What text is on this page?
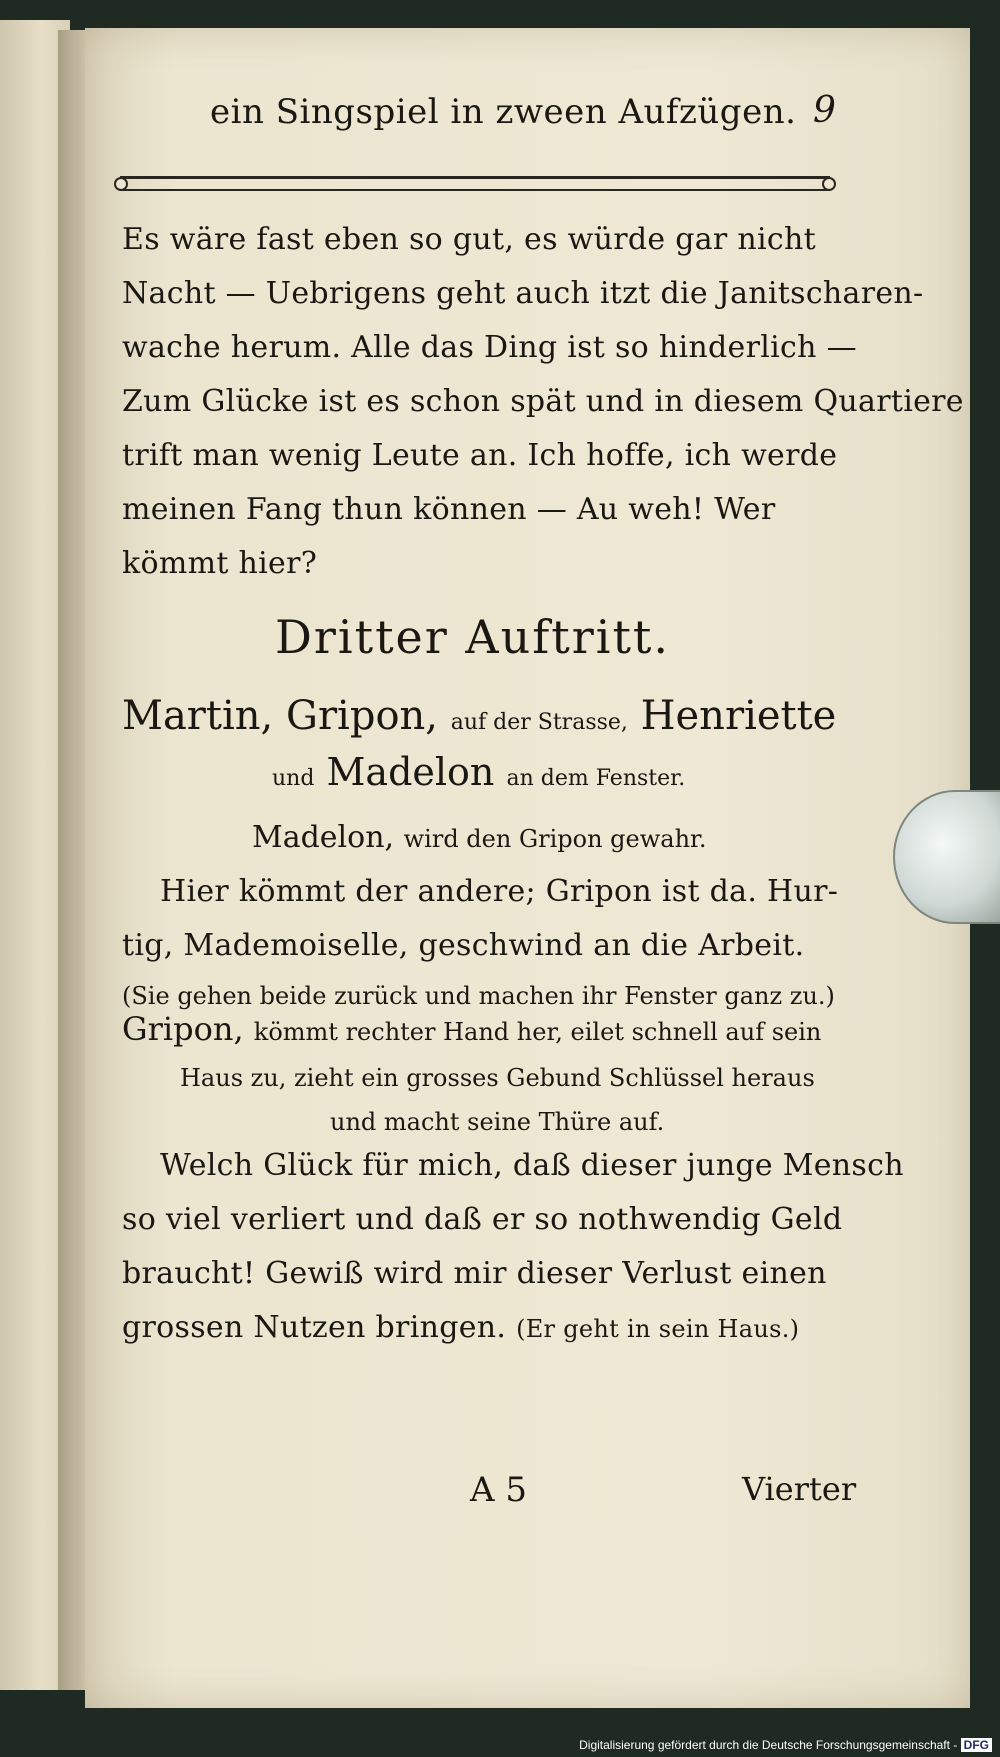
ein Singspiel in zween Aufzügen. 9
Es wäre fast eben so gut, es würde gar nicht
Nacht — Uebrigens geht auch itzt die Janitscharen-
wache herum. Alle das Ding ist so hinderlich —
Zum Glücke ist es schon spät und in diesem Quartiere
trift man wenig Leute an. Ich hoffe, ich werde
meinen Fang thun können — Au weh! Wer
kömmt hier?
Dritter Auftritt.
Martin, Gripon, auf der Strasse, Henriette
und Madelon an dem Fenster.
Madelon, wird den Gripon gewahr.
Hier kömmt der andere; Gripon ist da. Hur-
tig, Mademoiselle, geschwind an die Arbeit.
(Sie gehen beide zurück und machen ihr Fenster ganz zu.)
Gripon, kömmt rechter Hand her, eilet schnell auf sein
Haus zu, zieht ein grosses Gebund Schlüssel heraus
und macht seine Thüre auf.
Welch Glück für mich, daß dieser junge Mensch
so viel verliert und daß er so nothwendig Geld
braucht! Gewiß wird mir dieser Verlust einen
grossen Nutzen bringen. (Er geht in sein Haus.)
A 5	Vierter
Digitalisierung gefördert durch die Deutsche Forschungsgemeinschaft - DFG
